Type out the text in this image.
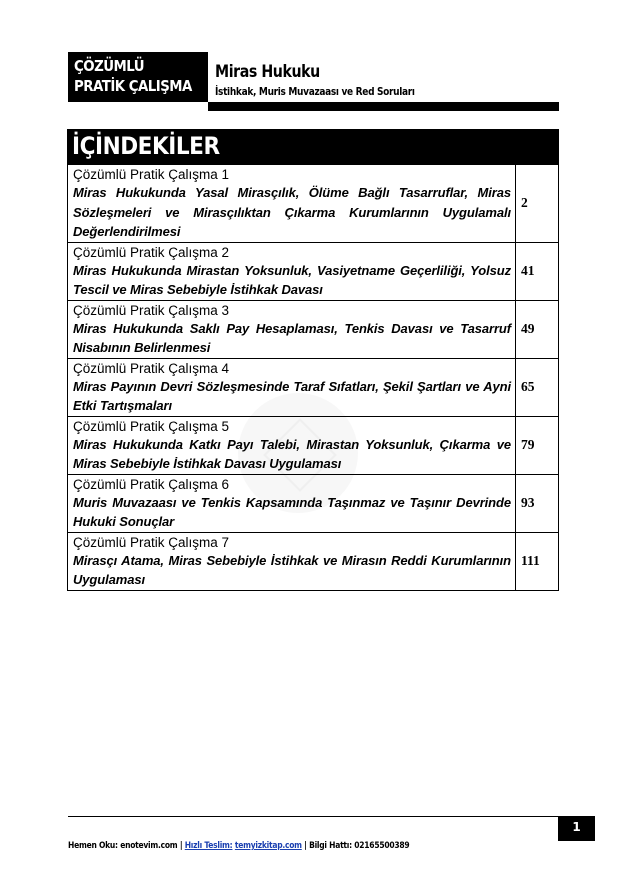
ÇÖZÜMLÜ
PRATİK ÇALIŞMA
Miras Hukuku
İstihkak, Muris Muvazaası ve Red Soruları
İÇİNDEKİLER
Çözümlü Pratik Çalışma 1
Miras Hukukunda Yasal Mirasçılık, Ölüme Bağlı Tasarruflar, Miras Sözleşmeleri ve Mirasçılıktan Çıkarma Kurumlarının Uygulamalı Değerlendirilmesi	2

Çözümlü Pratik Çalışma 2
Miras Hukukunda Mirastan Yoksunluk, Vasiyetname Geçerliliği, Yolsuz Tescil ve Miras Sebebiyle İstihkak Davası	41

Çözümlü Pratik Çalışma 3
Miras Hukukunda Saklı Pay Hesaplaması, Tenkis Davası ve Tasarruf Nisabının Belirlenmesi	49

Çözümlü Pratik Çalışma 4
Miras Payının Devri Sözleşmesinde Taraf Sıfatları, Şekil Şartları ve Ayni Etki Tartışmaları	65

Çözümlü Pratik Çalışma 5
Miras Hukukunda Katkı Payı Talebi, Mirastan Yoksunluk, Çıkarma ve Miras Sebebiyle İstihkak Davası Uygulaması	79

Çözümlü Pratik Çalışma 6
Muris Muvazaası ve Tenkis Kapsamında Taşınmaz ve Taşınır Devrinde Hukuki Sonuçlar	93

Çözümlü Pratik Çalışma 7
Mirasçı Atama, Miras Sebebiyle İstihkak ve Mirasın Reddi Kurumlarının Uygulaması	111
1
Hemen Oku: enotevim.com | Hızlı Teslim: temyizkitap.com | Bilgi Hattı: 02165500389
